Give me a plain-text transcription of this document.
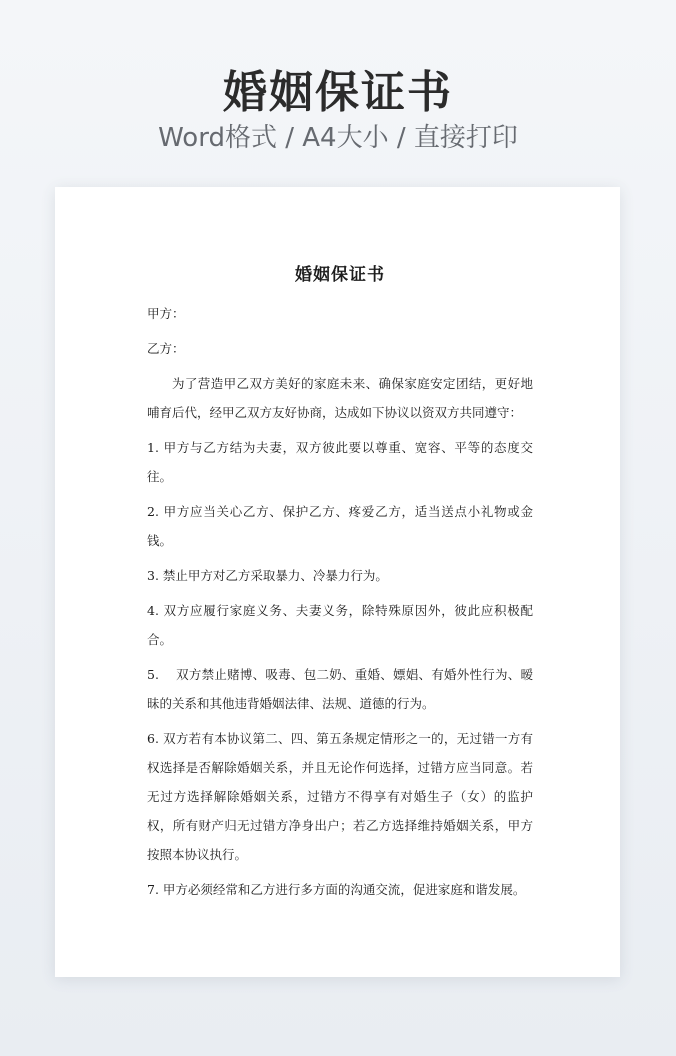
婚姻保证书
Word格式 / A4大小 / 直接打印
婚姻保证书

甲方：

乙方：

为了营造甲乙双方美好的家庭未来、确保家庭安定团结，更好地哺育后代，经甲乙双方友好协商，达成如下协议以资双方共同遵守：

1. 甲方与乙方结为夫妻，双方彼此要以尊重、宽容、平等的态度交往。

2. 甲方应当关心乙方、保护乙方、疼爱乙方，适当送点小礼物或金钱。

3. 禁止甲方对乙方采取暴力、冷暴力行为。

4. 双方应履行家庭义务、夫妻义务，除特殊原因外，彼此应积极配合。

5.　 双方禁止赌博、吸毒、包二奶、重婚、嫖娼、有婚外性行为、暧昧的关系和其他违背婚姻法律、法规、道德的行为。

6. 双方若有本协议第二、四、第五条规定情形之一的，无过错一方有权选择是否解除婚姻关系，并且无论作何选择，过错方应当同意。若无过方选择解除婚姻关系，过错方不得享有对婚生子（女）的监护权，所有财产归无过错方净身出户；若乙方选择维持婚姻关系，甲方按照本协议执行。

7. 甲方必须经常和乙方进行多方面的沟通交流，促进家庭和谐发展。
